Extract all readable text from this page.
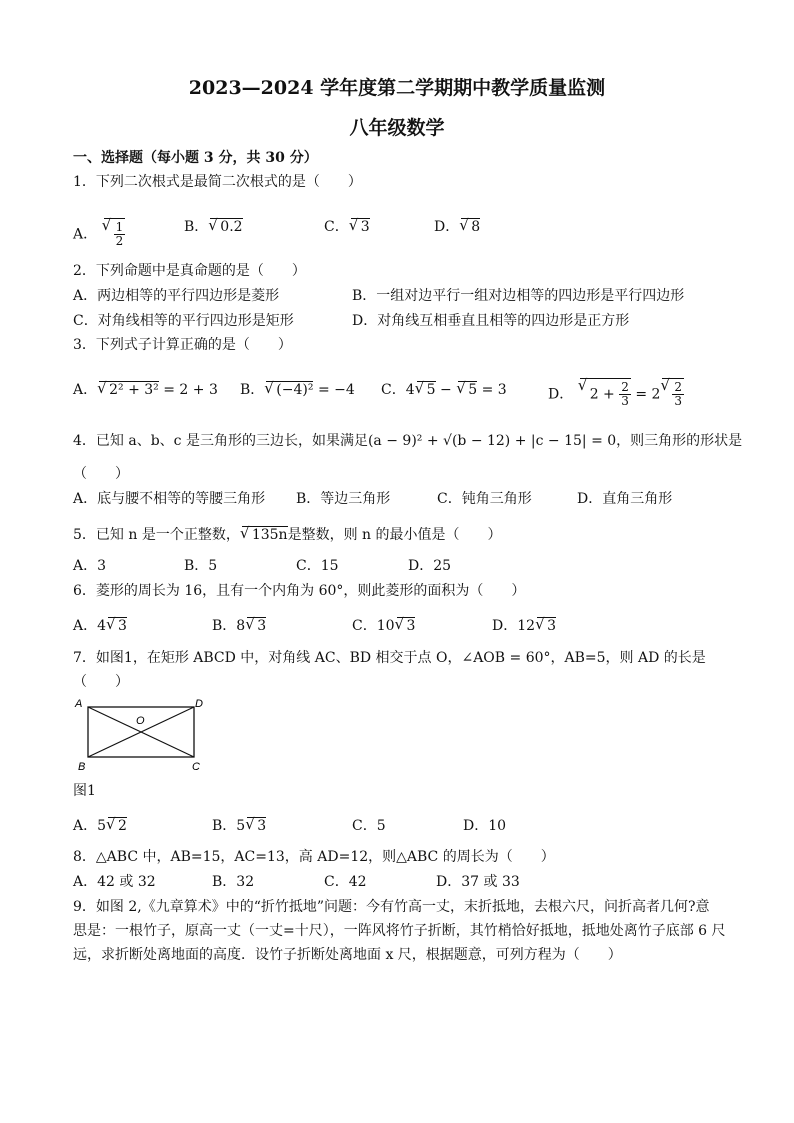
2023—2024 学年度第二学期期中教学质量监测
八年级数学
一、选择题（每小题 3 分，共 30 分）
1．下列二次根式是最简二次根式的是（　　）
A． √ $\frac{1}{2}$	B． √ 0.2	C． √ 3	D． √ 8
2．下列命题中是真命题的是（　　）
A．两边相等的平行四边形是菱形	B．一组对边平行一组对边相等的四边形是平行四边形
C．对角线相等的平行四边形是矩形	D．对角线互相垂直且相等的四边形是正方形
3．下列式子计算正确的是（　　）
A． √ 2² + 3² = 2 + 3 B． √ (−4)² = −4 C．4 √ 5 − √ 5 = 3	D． √ $2 + \frac{2}{3} = 2$ √ $\frac{2}{3}$
4．已知 a、b、c 是三角形的三边长，如果满足(a − 9)² + √(b − 12) + |c − 15| = 0，则三角形的形状是
（　　）
A．底与腰不相等的等腰三角形 B．等边三角形	C．钝角三角形	D．直角三角形
5．已知 n 是一个正整数， √ 135n是整数，则 n 的最小值是（　　）
A．3	B．5	C．15	D．25
6．菱形的周长为 16，且有一个内角为 60°，则此菱形的面积为（　　）
A．4 √ 3	B．8 √ 3	C．10 √ 3	D．12 √ 3
7．如图1，在矩形 ABCD 中，对角线 AC、BD 相交于点 O，∠AOB = 60°，AB=5，则 AD 的长是
（　　）
A	D
B	C
O
图1
A．5 √ 2	B．5 √ 3	C．5	D．10
8．△ABC 中，AB=15，AC=13，高 AD=12，则△ABC 的周长为（　　）
A．42 或 32	B．32	C．42	D．37 或 33
9．如图 2,《九章算术》中的“折竹抵地”问题：今有竹高一丈，末折抵地，去根六尺，问折高者几何?意
思是：一根竹子，原高一丈（一丈=十尺），一阵风将竹子折断，其竹梢恰好抵地，抵地处离竹子底部 6 尺
远，求折断处离地面的高度．设竹子折断处离地面 x 尺，根据题意，可列方程为（　　）
